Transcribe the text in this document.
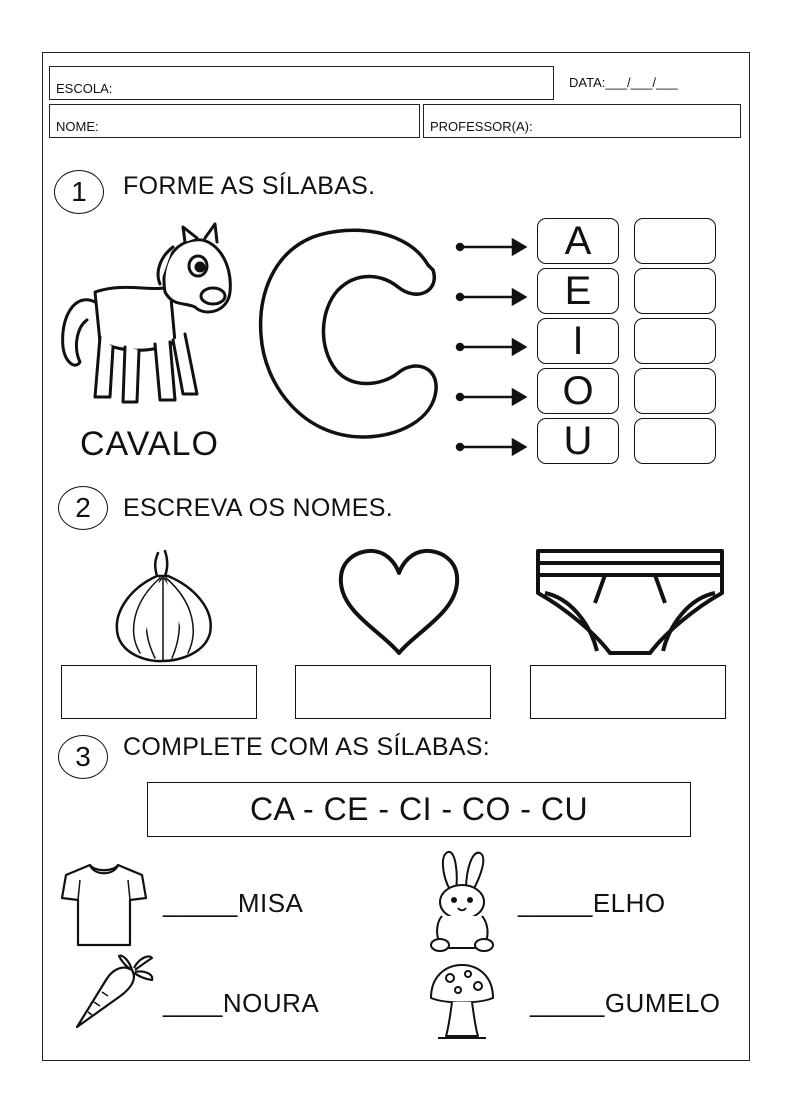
ESCOLA:	DATA:___/___/___
NOME:	PROFESSOR(A):
1	FORME AS SÍLABAS.
CAVALO
A
E
I
O
U
2	ESCREVA OS NOMES.
3	COMPLETE COM AS SÍLABAS:
CA - CE - CI - CO - CU
_____MISA	_____ELHO
____NOURA	_____GUMELO
